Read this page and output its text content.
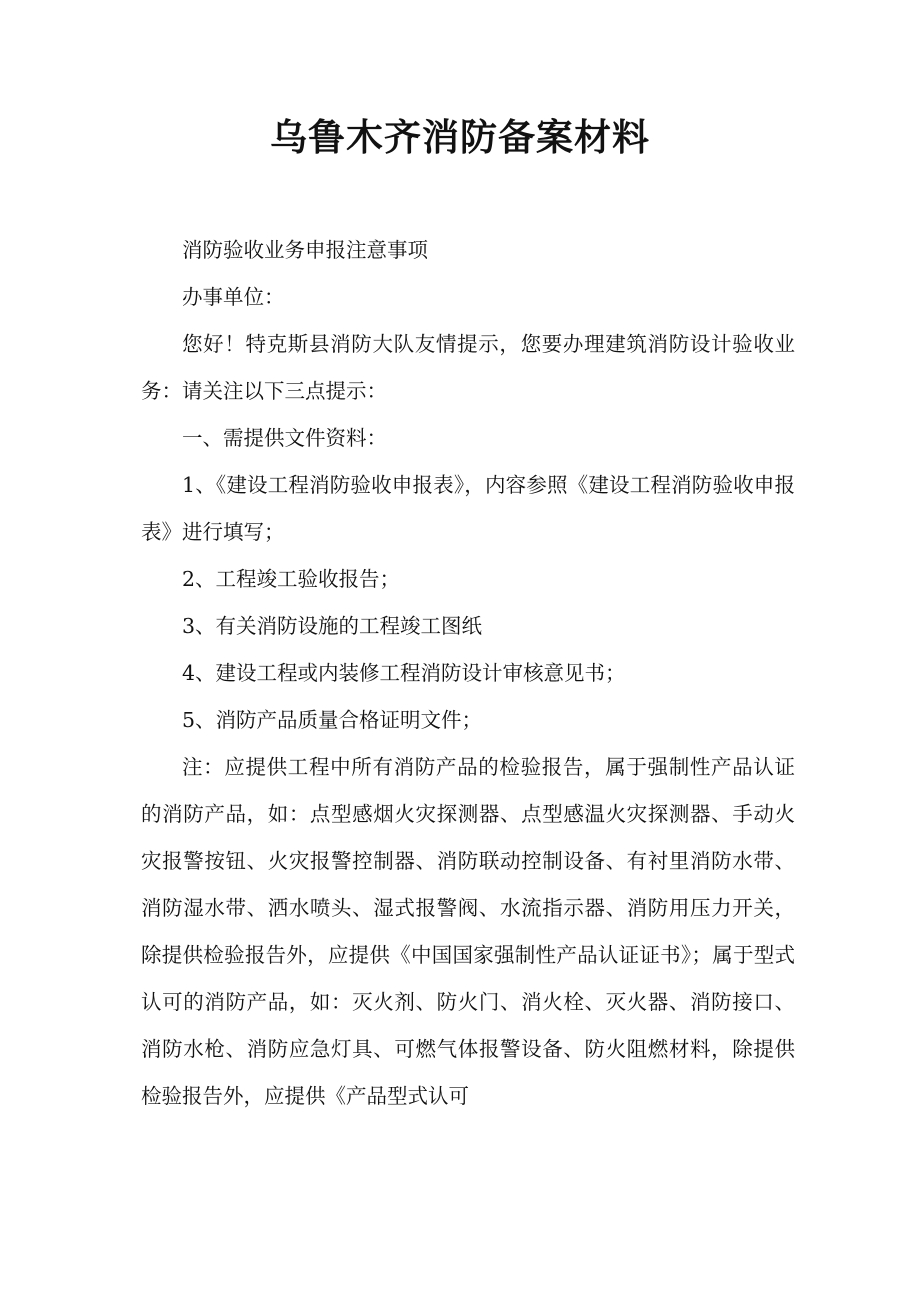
乌鲁木齐消防备案材料

消防验收业务申报注意事项

办事单位：

您好！特克斯县消防大队友情提示，您要办理建筑消防设计验收业务：请关注以下三点提示：

一、需提供文件资料：

1、《建设工程消防验收申报表》，内容参照《建设工程消防验收申报表》进行填写；

2、工程竣工验收报告；

3、有关消防设施的工程竣工图纸

4、建设工程或内装修工程消防设计审核意见书；

5、消防产品质量合格证明文件；

注：应提供工程中所有消防产品的检验报告，属于强制性产品认证的消防产品，如：点型感烟火灾探测器、点型感温火灾探测器、手动火灾报警按钮、火灾报警控制器、消防联动控制设备、有衬里消防水带、消防湿水带、洒水喷头、湿式报警阀、水流指示器、消防用压力开关，除提供检验报告外，应提供《中国国家强制性产品认证证书》；属于型式认可的消防产品，如：灭火剂、防火门、消火栓、灭火器、消防接口、消防水枪、消防应急灯具、可燃气体报警设备、防火阻燃材料，除提供检验报告外，应提供《产品型式认可
